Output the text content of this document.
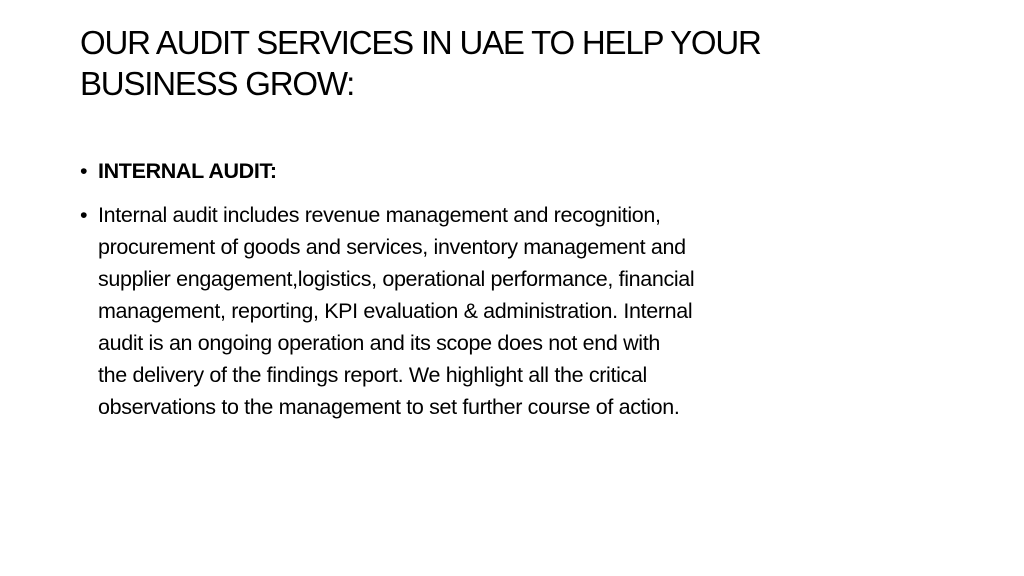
OUR AUDIT SERVICES IN UAE TO HELP YOUR
BUSINESS GROW:
• INTERNAL AUDIT:
• Internal audit includes revenue management and recognition,
procurement of goods and services, inventory management and
supplier engagement,logistics, operational performance, financial
management, reporting, KPI evaluation & administration. Internal
audit is an ongoing operation and its scope does not end with
the delivery of the findings report. We highlight all the critical
observations to the management to set further course of action.
